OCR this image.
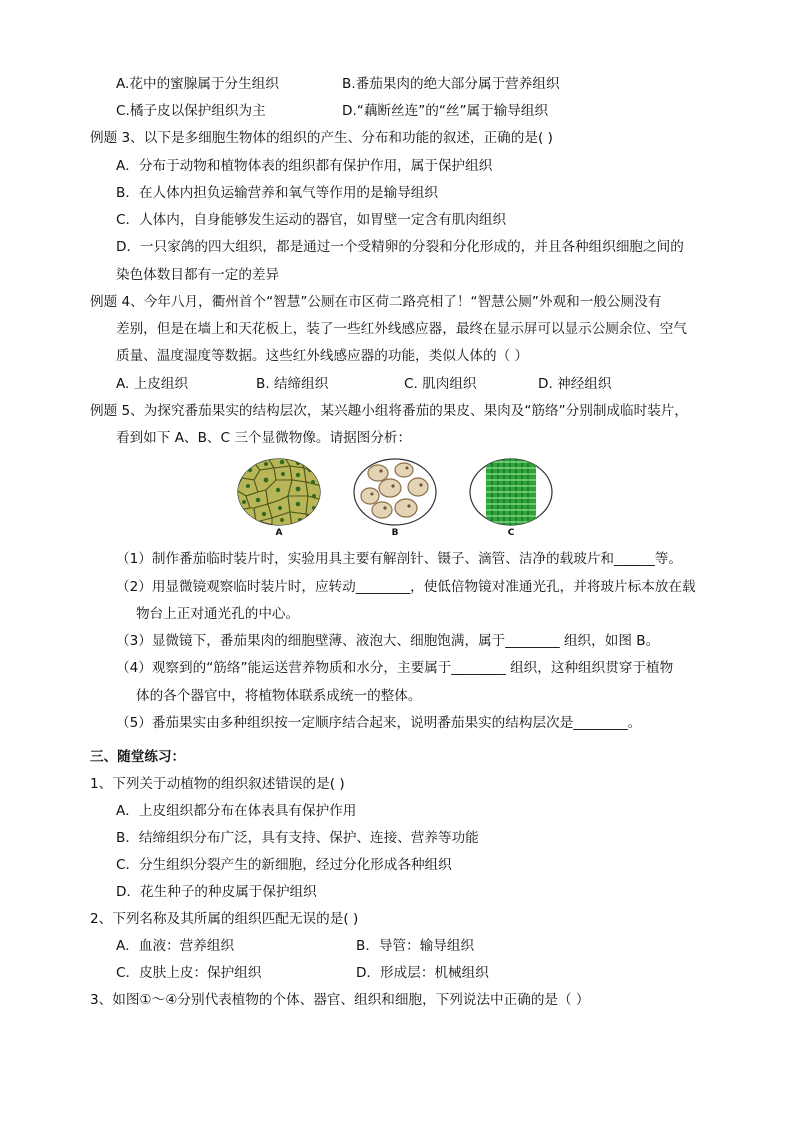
A.花中的蜜腺属于分生组织	B.番茄果肉的绝大部分属于营养组织
C.橘子皮以保护组织为主	D.“藕断丝连”的“丝”属于输导组织
例题 3、以下是多细胞生物体的组织的产生、分布和功能的叙述，正确的是( )
A．分布于动物和植物体表的组织都有保护作用，属于保护组织
B．在人体内担负运输营养和氧气等作用的是输导组织
C．人体内，自身能够发生运动的器官，如胃壁一定含有肌肉组织
D．一只家鸽的四大组织，都是通过一个受精卵的分裂和分化形成的，并且各种组织细胞之间的
染色体数目都有一定的差异
例题 4、今年八月，衢州首个“智慧”公厕在市区荷二路亮相了！“智慧公厕”外观和一般公厕没有
差别，但是在墙上和天花板上，装了一些红外线感应器，最终在显示屏可以显示公厕余位、空气
质量、温度湿度等数据。这些红外线感应器的功能，类似人体的（ ）
A. 上皮组织	B. 结缔组织	C. 肌肉组织	D. 神经组织
例题 5、为探究番茄果实的结构层次，某兴趣小组将番茄的果皮、果肉及“筋络”分别制成临时装片，
看到如下 A、B、C 三个显微物像。请据图分析：
A	B	C
（1）制作番茄临时装片时，实验用具主要有解剖针、镊子、滴管、洁净的载玻片和______等。
（2）用显微镜观察临时装片时，应转动________，使低倍物镜对准通光孔，并将玻片标本放在载
物台上正对通光孔的中心。
（3）显微镜下，番茄果肉的细胞壁薄、液泡大、细胞饱满，属于________ 组织，如图 B。
（4）观察到的“筋络”能运送营养物质和水分，主要属于________ 组织，这种组织贯穿于植物
体的各个器官中，将植物体联系成统一的整体。
（5）番茄果实由多种组织按一定顺序结合起来，说明番茄果实的结构层次是________。
三、随堂练习：
1、下列关于动植物的组织叙述错误的是( )
A．上皮组织都分布在体表具有保护作用
B．结缔组织分布广泛，具有支持、保护、连接、营养等功能
C．分生组织分裂产生的新细胞，经过分化形成各种组织
D．花生种子的种皮属于保护组织
2、下列名称及其所属的组织匹配无误的是( )
A．血液：营养组织	B．导管：输导组织
C．皮肤上皮：保护组织	D．形成层：机械组织
3、如图①～④分别代表植物的个体、器官、组织和细胞，下列说法中正确的是（ ）
